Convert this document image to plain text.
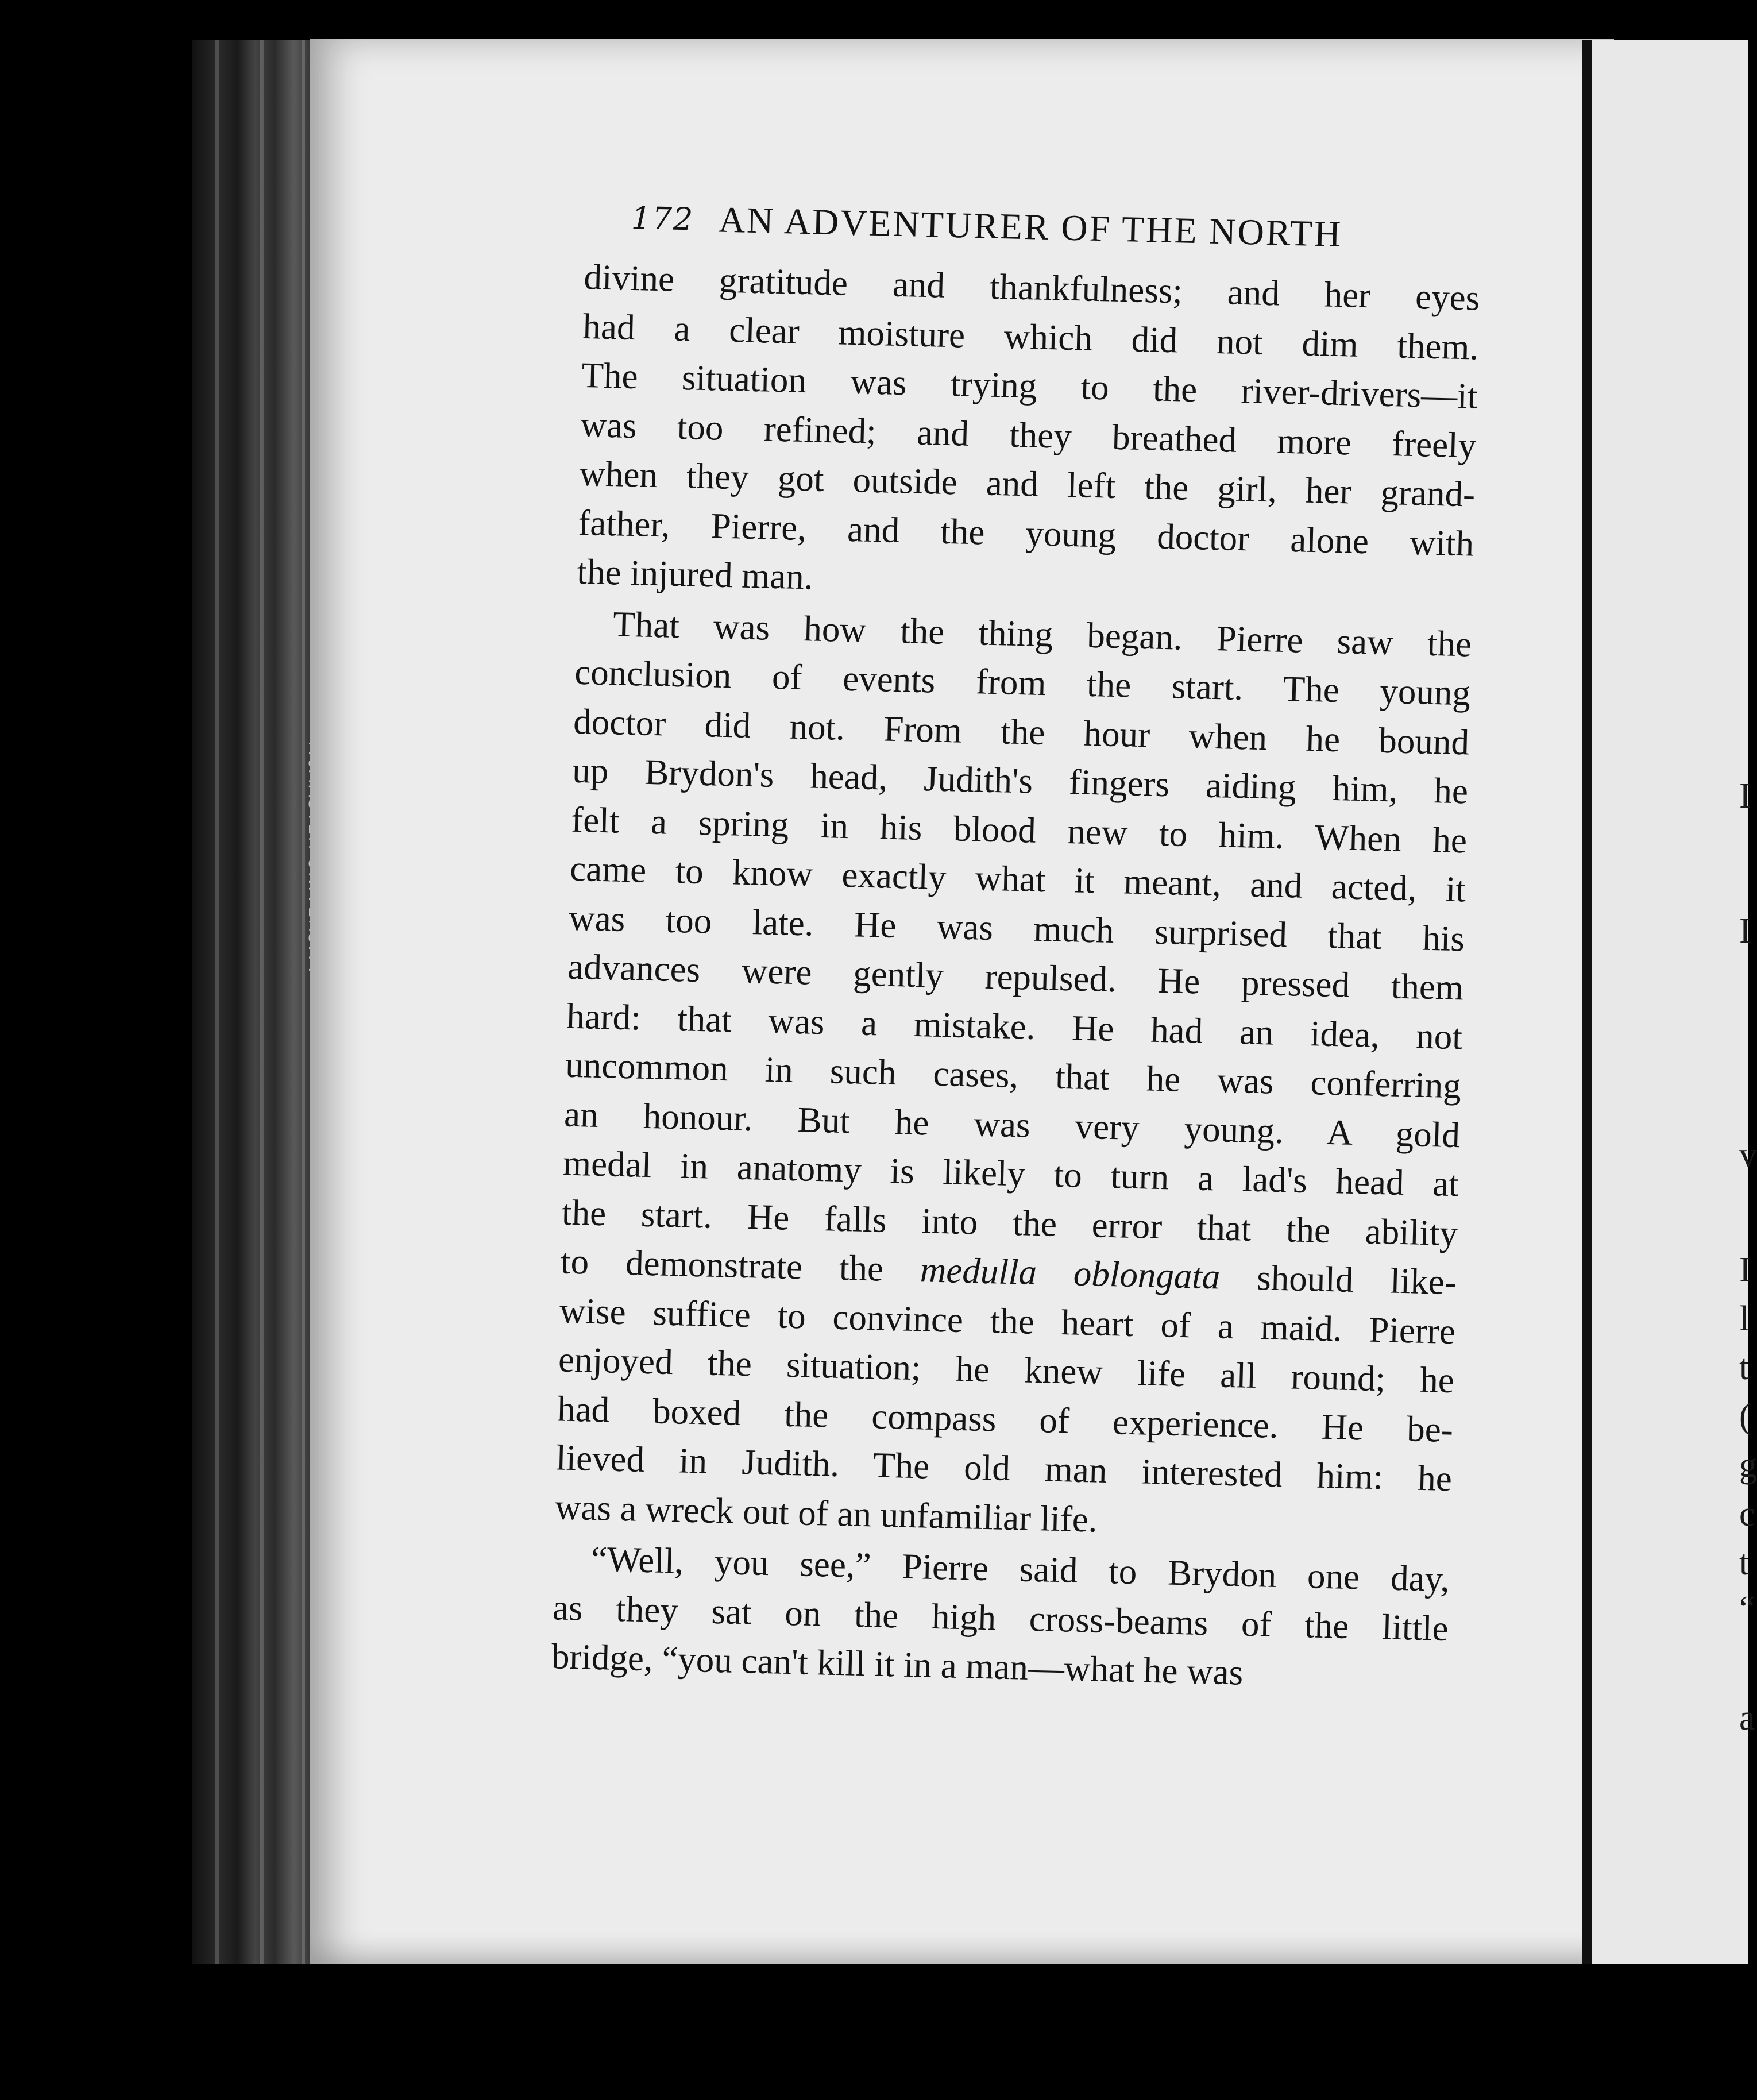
I
I
v
I
l
t
(
g
c
t
“
a
172 AN ADVENTURER OF THE NORTH
divine gratitude and thankfulness; and her eyes
had a clear moisture which did not dim them.
The situation was trying to the river-drivers—it
was too refined; and they breathed more freely
when they got outside and left the girl, her grand-
father, Pierre, and the young doctor alone with
the injured man.
That was how the thing began. Pierre saw the
conclusion of events from the start. The young
doctor did not. From the hour when he bound
up Brydon's head, Judith's fingers aiding him, he
felt a spring in his blood new to him. When he
came to know exactly what it meant, and acted, it
was too late. He was much surprised that his
advances were gently repulsed. He pressed them
hard: that was a mistake. He had an idea, not
uncommon in such cases, that he was conferring
an honour. But he was very young. A gold
medal in anatomy is likely to turn a lad's head at
the start. He falls into the error that the ability
to demonstrate the medulla oblongata should like-
wise suffice to convince the heart of a maid. Pierre
enjoyed the situation; he knew life all round; he
had boxed the compass of experience. He be-
lieved in Judith. The old man interested him: he
was a wreck out of an unfamiliar life.
“Well, you see,” Pierre said to Brydon one day,
as they sat on the high cross-beams of the little
bridge, “you can't kill it in a man—what he was
